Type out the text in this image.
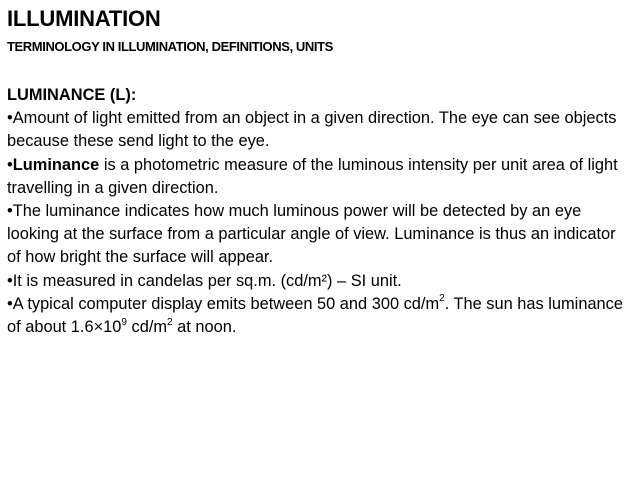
ILLUMINATION
TERMINOLOGY IN ILLUMINATION, DEFINITIONS, UNITS
LUMINANCE (L):
•Amount of light emitted from an object in a given direction. The eye can see objects because these send light to the eye.
•Luminance is a photometric measure of the luminous intensity per unit area of light travelling in a given direction.
•The luminance indicates how much luminous power will be detected by an eye looking at the surface from a particular angle of view. Luminance is thus an indicator of how bright the surface will appear.
•It is measured in candelas per sq.m. (cd/m²) – SI unit.
•A typical computer display emits between 50 and 300 $cd/m^2$. The sun has luminance of about $1.6\times 10^9$ $cd/m^2$ at noon.
